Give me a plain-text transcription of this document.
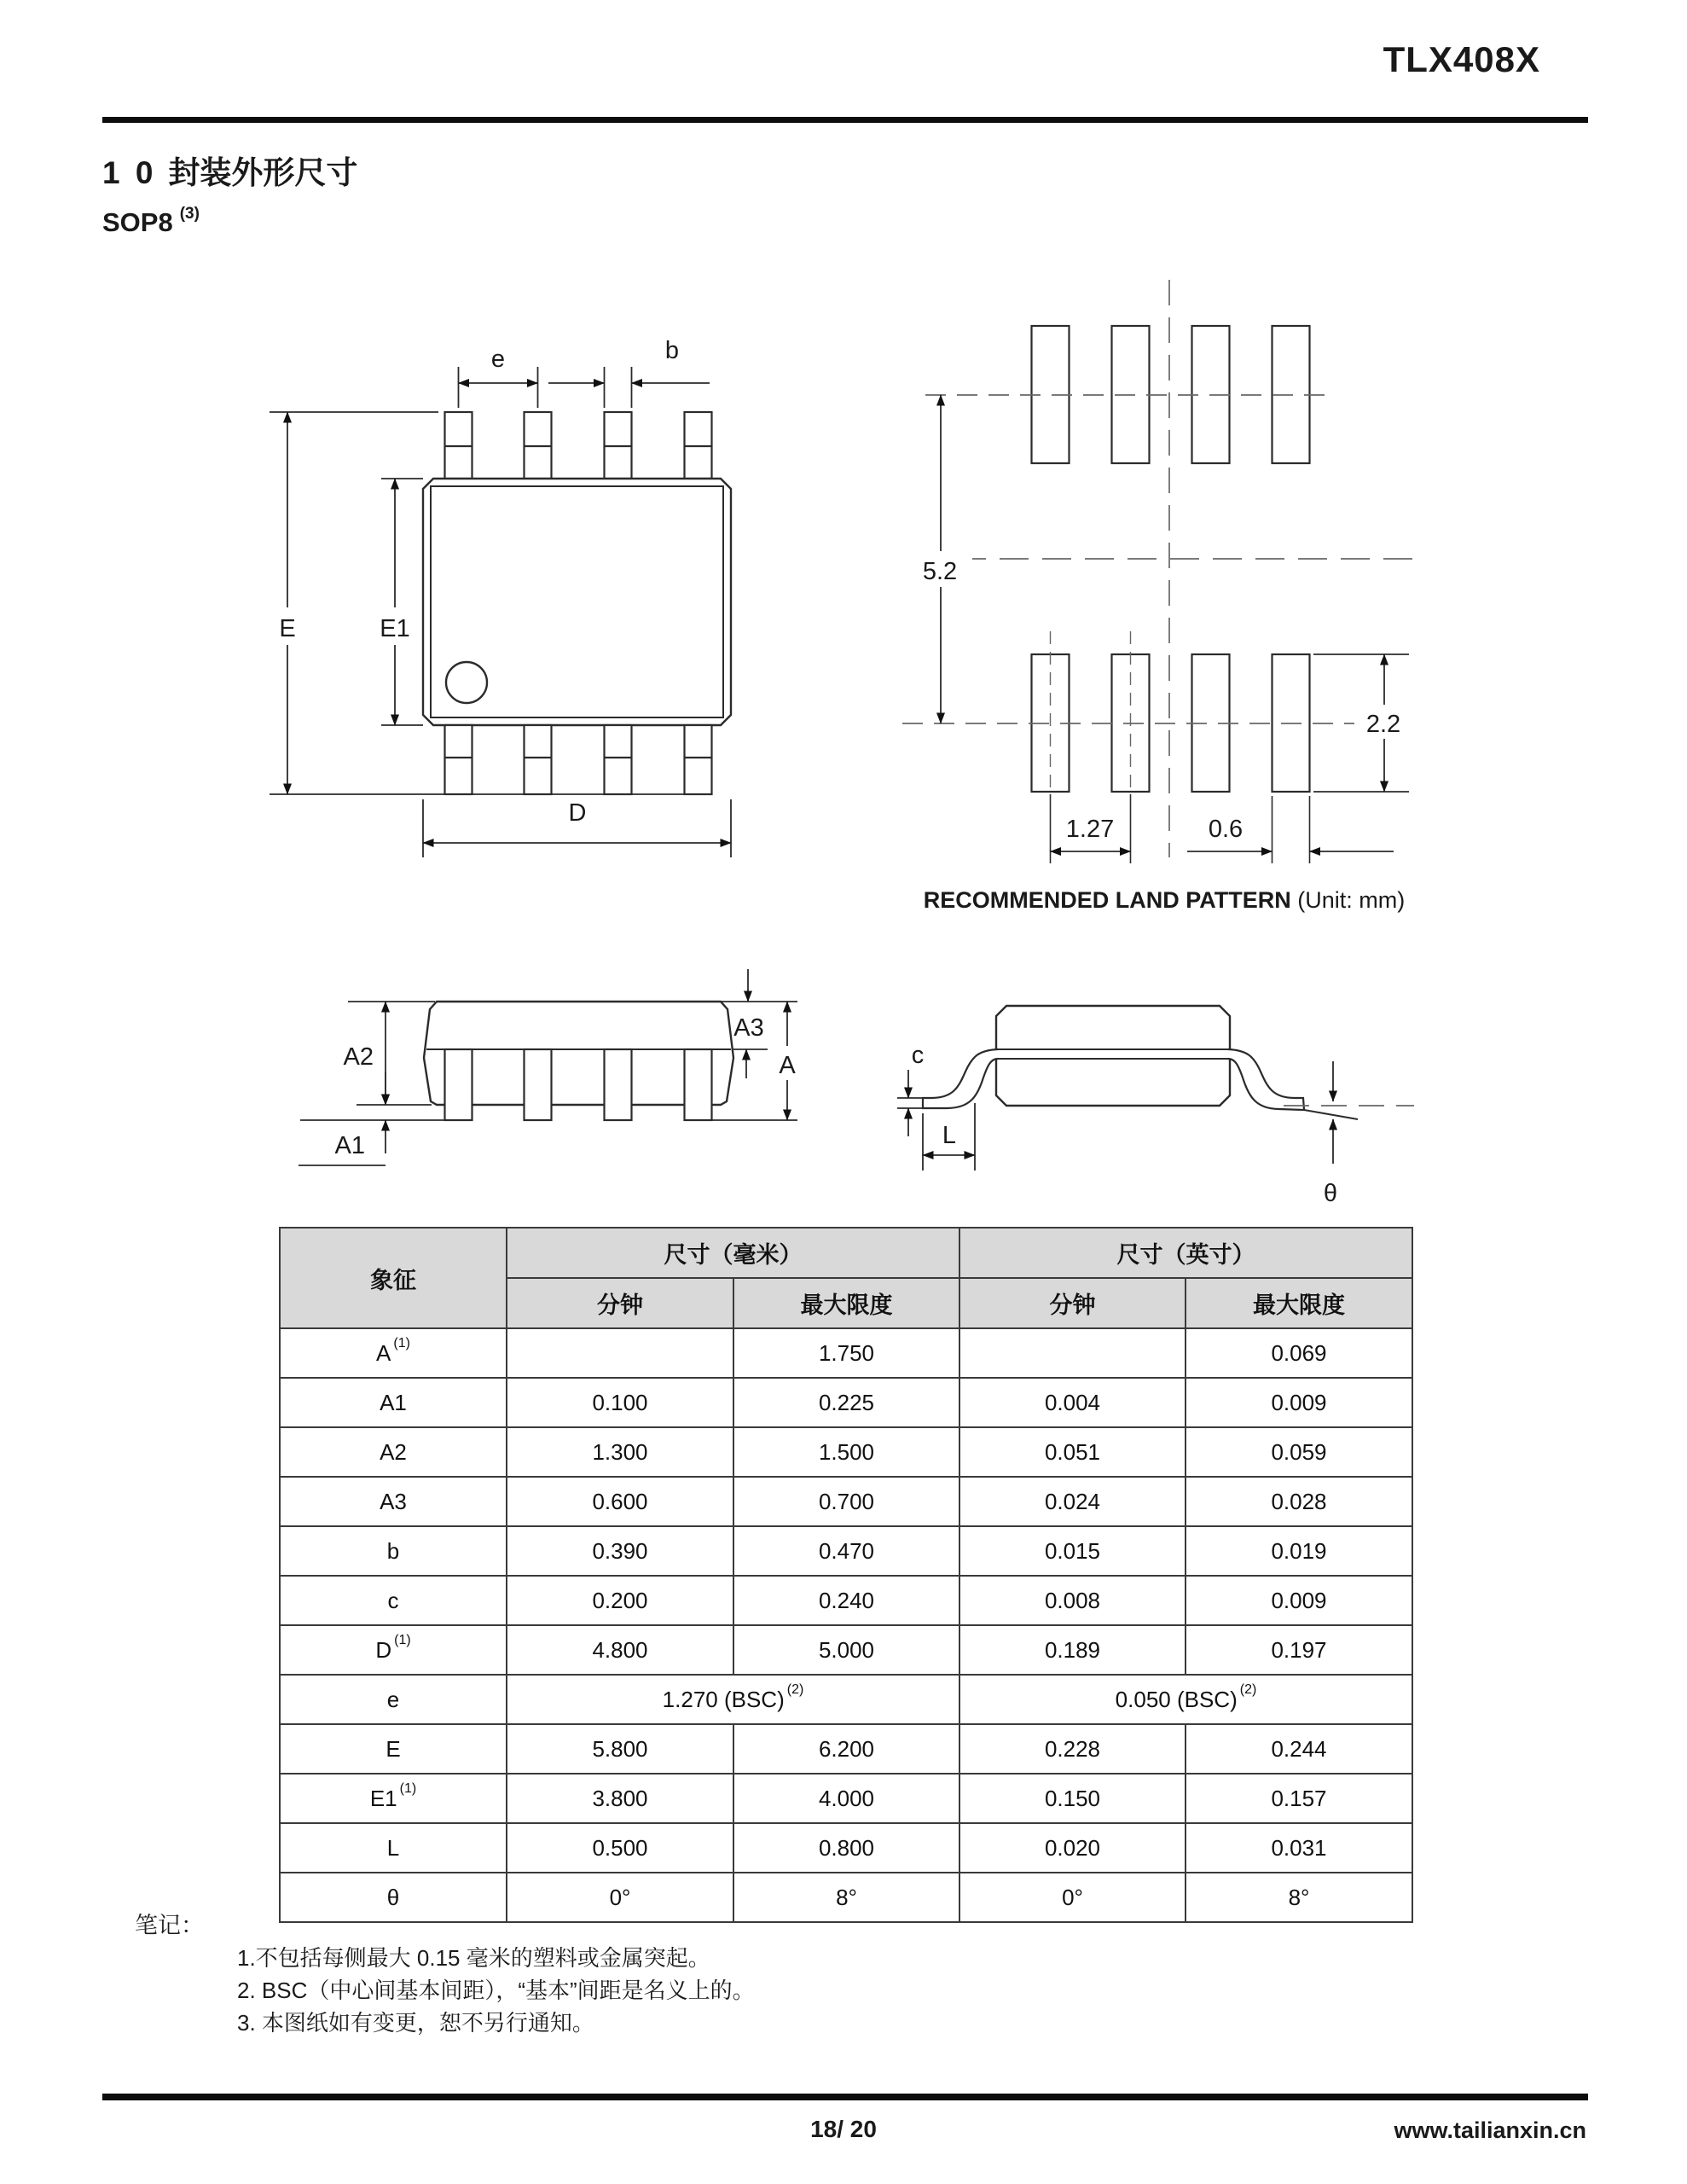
TLX408X
1 0 封装外形尺寸
SOP8 $^{(3)}$
E	E1
e	b
D
5.2
2.2
1.27	0.6
A2
A1
A3
A	c
L
θ
RECOMMENDED LAND PATTERN (Unit: mm)
象征	尺寸（毫米）		尺寸（英寸）	
	分钟	最大限度	分钟	最大限度
A $^{(1)}$		1.750		0.069
A1	0.100	0.225	0.004	0.009
A2	1.300	1.500	0.051	0.059
A3	0.600	0.700	0.024	0.028
b	0.390	0.470	0.015	0.019
c	0.200	0.240	0.008	0.009
D $^{(1)}$	4.800	5.000	0.189	0.197
e	1.270 (BSC) $^{(2)}$		0.050 (BSC) $^{(2)}$
E	5.800	6.200	0.228	0.244
E1 $^{(1)}$	3.800	4.000	0.150	0.157
L	0.500	0.800	0.020	0.031
θ	0°	8°	0°	8°
笔记：
1.不包括每侧最大 0.15 毫米的塑料或金属突起。
2. BSC（中心间基本间距），“基本”间距是名义上的。
3. 本图纸如有变更，恕不另行通知。
18/ 20	www.tailianxin.cn
